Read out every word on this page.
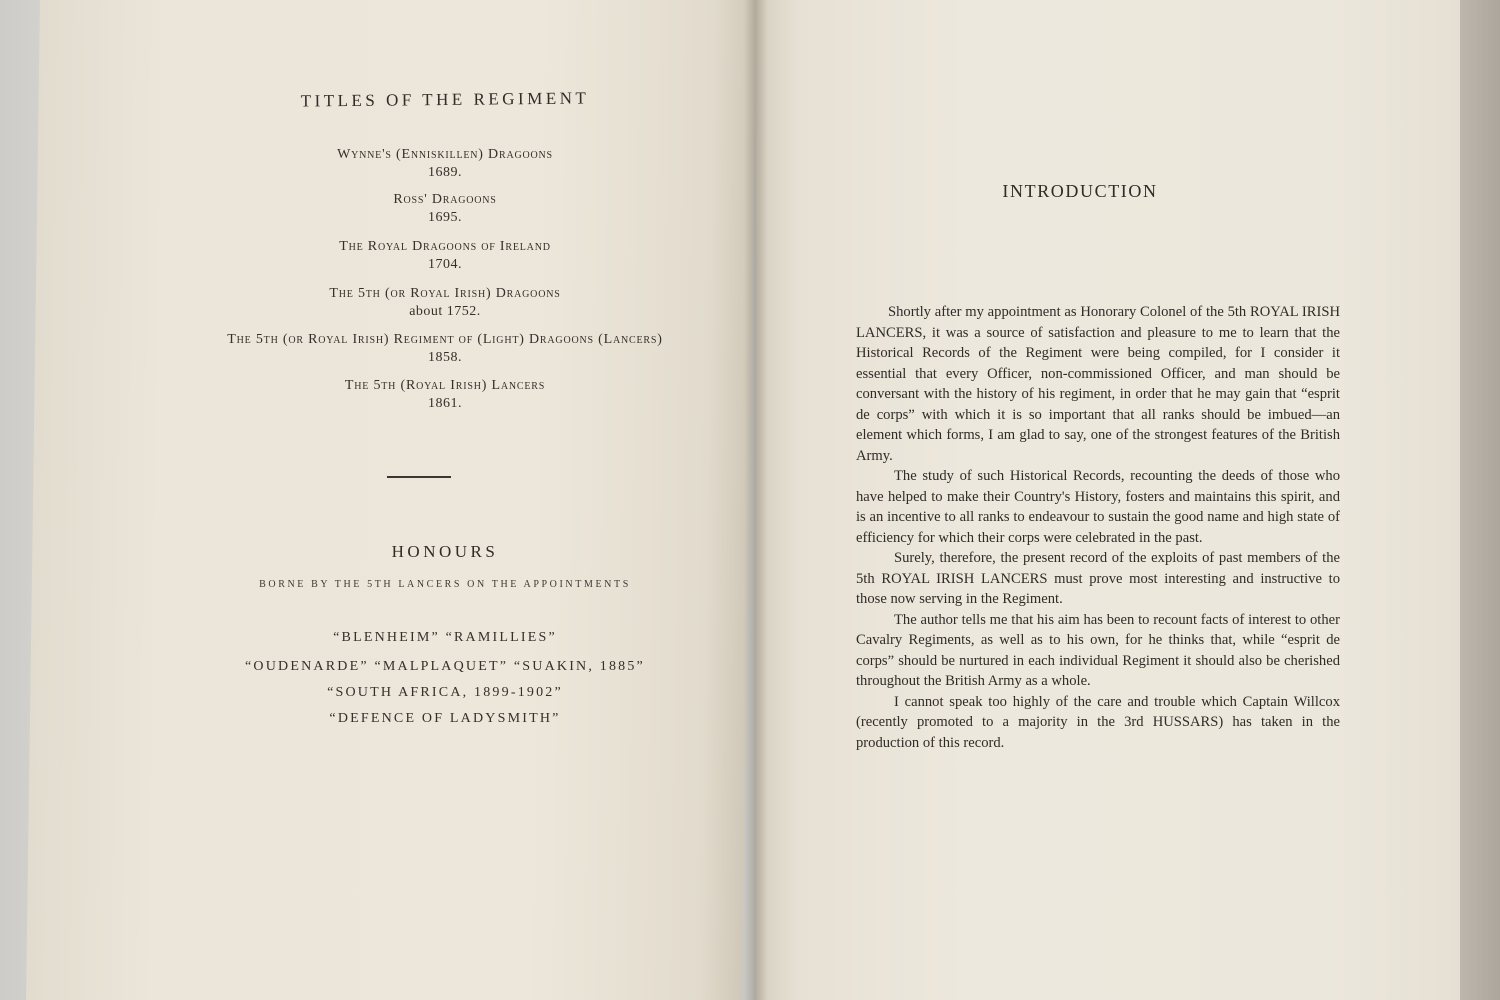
TITLES OF THE REGIMENT
Wynne's (Enniskillen) Dragoons
1689.
Ross' Dragoons
1695.
The Royal Dragoons of Ireland
1704.
The 5th (or Royal Irish) Dragoons
about 1752.
The 5th (or Royal Irish) Regiment of (Light) Dragoons (Lancers)
1858.
The 5th (Royal Irish) Lancers
1861.
HONOURS
BORNE BY THE 5TH LANCERS ON THE APPOINTMENTS
“BLENHEIM” “RAMILLIES”
“OUDENARDE” “MALPLAQUET” “SUAKIN, 1885”
“SOUTH AFRICA, 1899-1902”
“DEFENCE OF LADYSMITH”
INTRODUCTION

Shortly after my appointment as Honorary Colonel of the 5th ROYAL IRISH LANCERS, it was a source of satisfaction and pleasure to me to learn that the Historical Records of the Regiment were being compiled, for I consider it essential that every Officer, non-commissioned Officer, and man should be conversant with the history of his regiment, in order that he may gain that “esprit de corps” with which it is so important that all ranks should be imbued—an element which forms, I am glad to say, one of the strongest features of the British Army.

The study of such Historical Records, recounting the deeds of those who have helped to make their Country's History, fosters and maintains this spirit, and is an incentive to all ranks to endeavour to sustain the good name and high state of efficiency for which their corps were celebrated in the past.

Surely, therefore, the present record of the exploits of past members of the 5th ROYAL IRISH LANCERS must prove most interesting and instructive to those now serving in the Regiment.

The author tells me that his aim has been to recount facts of interest to other Cavalry Regiments, as well as to his own, for he thinks that, while “esprit de corps” should be nurtured in each individual Regiment it should also be cherished throughout the British Army as a whole.

I cannot speak too highly of the care and trouble which Captain Willcox (recently promoted to a majority in the 3rd HUSSARS) has taken in the production of this record.
